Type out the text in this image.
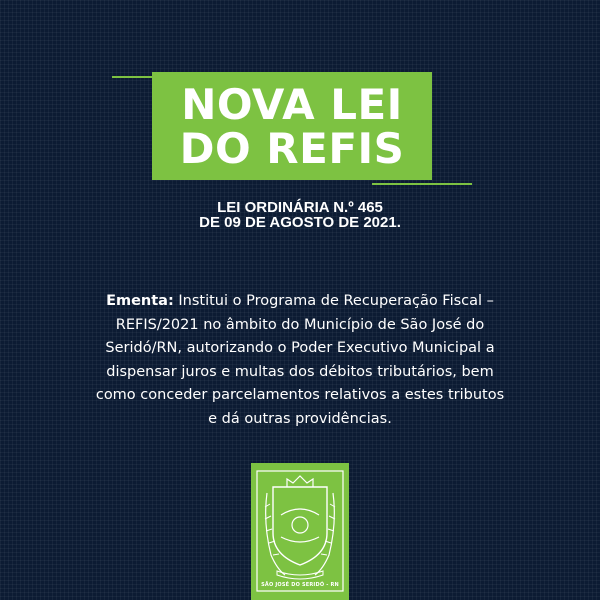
NOVA LEI
DO REFIS
LEI ORDINÁRIA N.º 465
DE 09 DE AGOSTO DE 2021.
Ementa: Institui o Programa de Recuperação Fiscal – REFIS/2021 no âmbito do Município de São José do Seridó/RN, autorizando o Poder Executivo Municipal a dispensar juros e multas dos débitos tributários, bem como conceder parcelamentos relativos a estes tributos e dá outras providências.
SÃO JOSÉ DO SERIDÓ - RN
